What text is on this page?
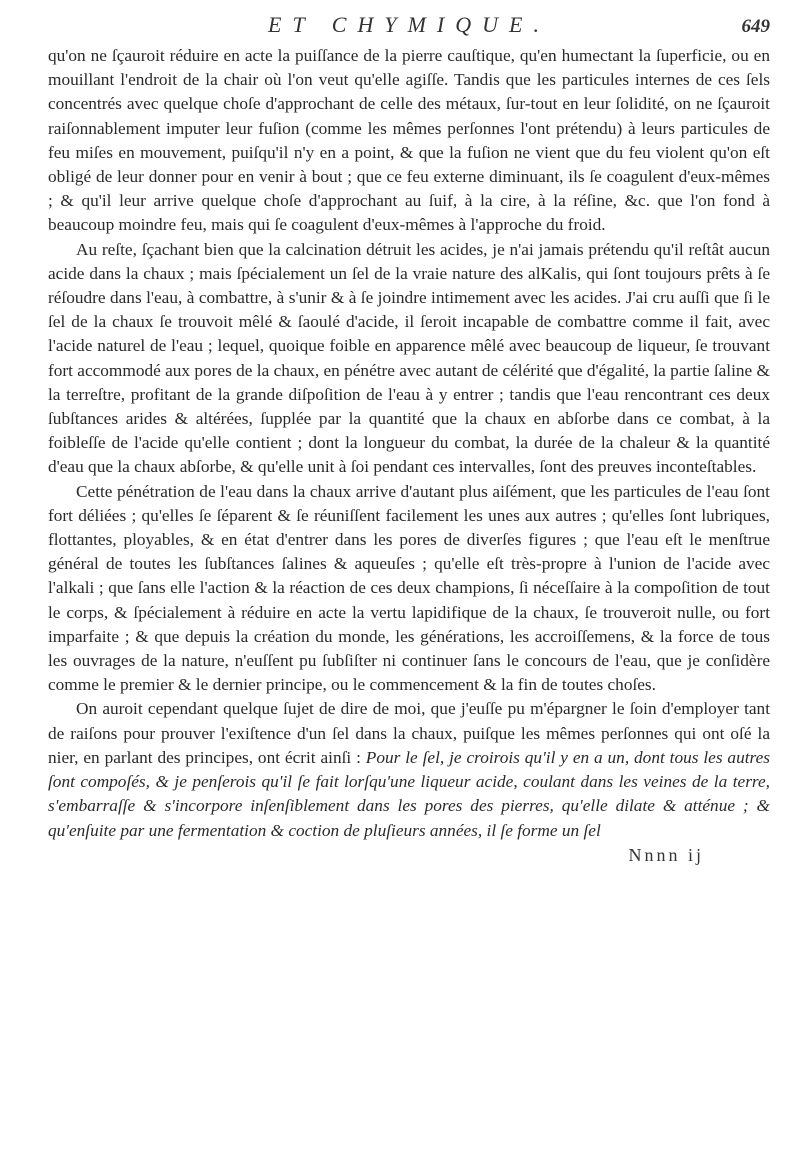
ET CHYMIQUE.	649

qu'on ne ſçauroit réduire en acte la puiſſance de la pierre cauſtique, qu'en humectant la ſuperficie, ou en mouillant l'endroit de la chair où l'on veut qu'elle agiſſe. Tandis que les particules internes de ces ſels concentrés avec quelque choſe d'approchant de celle des métaux, ſur-tout en leur ſolidité, on ne ſçauroit raiſonnablement imputer leur fuſion (comme les mêmes perſonnes l'ont prétendu) à leurs particules de feu miſes en mouvement, puiſqu'il n'y en a point, & que la fuſion ne vient que du feu violent qu'on eſt obligé de leur donner pour en venir à bout ; que ce feu externe diminuant, ils ſe coagulent d'eux-mêmes ; & qu'il leur arrive quelque choſe d'approchant au ſuif, à la cire, à la réſine, &c. que l'on fond à beaucoup moindre feu, mais qui ſe coagulent d'eux-mêmes à l'approche du froid.

Au reſte, ſçachant bien que la calcination détruit les acides, je n'ai jamais prétendu qu'il reſtât aucun acide dans la chaux ; mais ſpécialement un ſel de la vraie nature des alKalis, qui ſont toujours prêts à ſe réſoudre dans l'eau, à combattre, à s'unir & à ſe joindre intimement avec les acides. J'ai cru auſſi que ſi le ſel de la chaux ſe trouvoit mêlé & ſaoulé d'acide, il ſeroit incapable de combattre comme il fait, avec l'acide naturel de l'eau ; lequel, quoique foible en apparence mêlé avec beaucoup de liqueur, ſe trouvant fort accommodé aux pores de la chaux, en pénétre avec autant de célérité que d'égalité, la partie ſaline & la terreſtre, profitant de la grande diſpoſition de l'eau à y entrer ; tandis que l'eau rencontrant ces deux ſubſtances arides & altérées, ſupplée par la quantité que la chaux en abſorbe dans ce combat, à la foibleſſe de l'acide qu'elle contient ; dont la longueur du combat, la durée de la chaleur & la quantité d'eau que la chaux abſorbe, & qu'elle unit à ſoi pendant ces intervalles, ſont des preuves inconteſtables.

Cette pénétration de l'eau dans la chaux arrive d'autant plus aiſément, que les particules de l'eau ſont fort déliées ; qu'elles ſe ſéparent & ſe réuniſſent facilement les unes aux autres ; qu'elles ſont lubriques, flottantes, ployables, & en état d'entrer dans les pores de diverſes figures ; que l'eau eſt le menſtrue général de toutes les ſubſtances ſalines & aqueuſes ; qu'elle eſt très-propre à l'union de l'acide avec l'alkali ; que ſans elle l'action & la réaction de ces deux champions, ſi néceſſaire à la compoſition de tout le corps, & ſpécialement à réduire en acte la vertu lapidifique de la chaux, ſe trouveroit nulle, ou fort imparfaite ; & que depuis la création du monde, les générations, les accroiſſemens, & la force de tous les ouvrages de la nature, n'euſſent pu ſubſiſter ni continuer ſans le concours de l'eau, que je conſidère comme le premier & le dernier principe, ou le commencement & la fin de toutes choſes.

On auroit cependant quelque ſujet de dire de moi, que j'euſſe pu m'épargner le ſoin d'employer tant de raiſons pour prouver l'exiſtence d'un ſel dans la chaux, puiſque les mêmes perſonnes qui ont oſé la nier, en parlant des principes, ont écrit ainſi : Pour le ſel, je croirois qu'il y en a un, dont tous les autres ſont compoſés, & je penſerois qu'il ſe fait lorſqu'une liqueur acide, coulant dans les veines de la terre, s'embarraſſe & s'incorpore inſenſiblement dans les pores des pierres, qu'elle dilate & atténue ; & qu'enſuite par une fermentation & coction de pluſieurs années, il ſe forme un ſel

Nnnn ij
